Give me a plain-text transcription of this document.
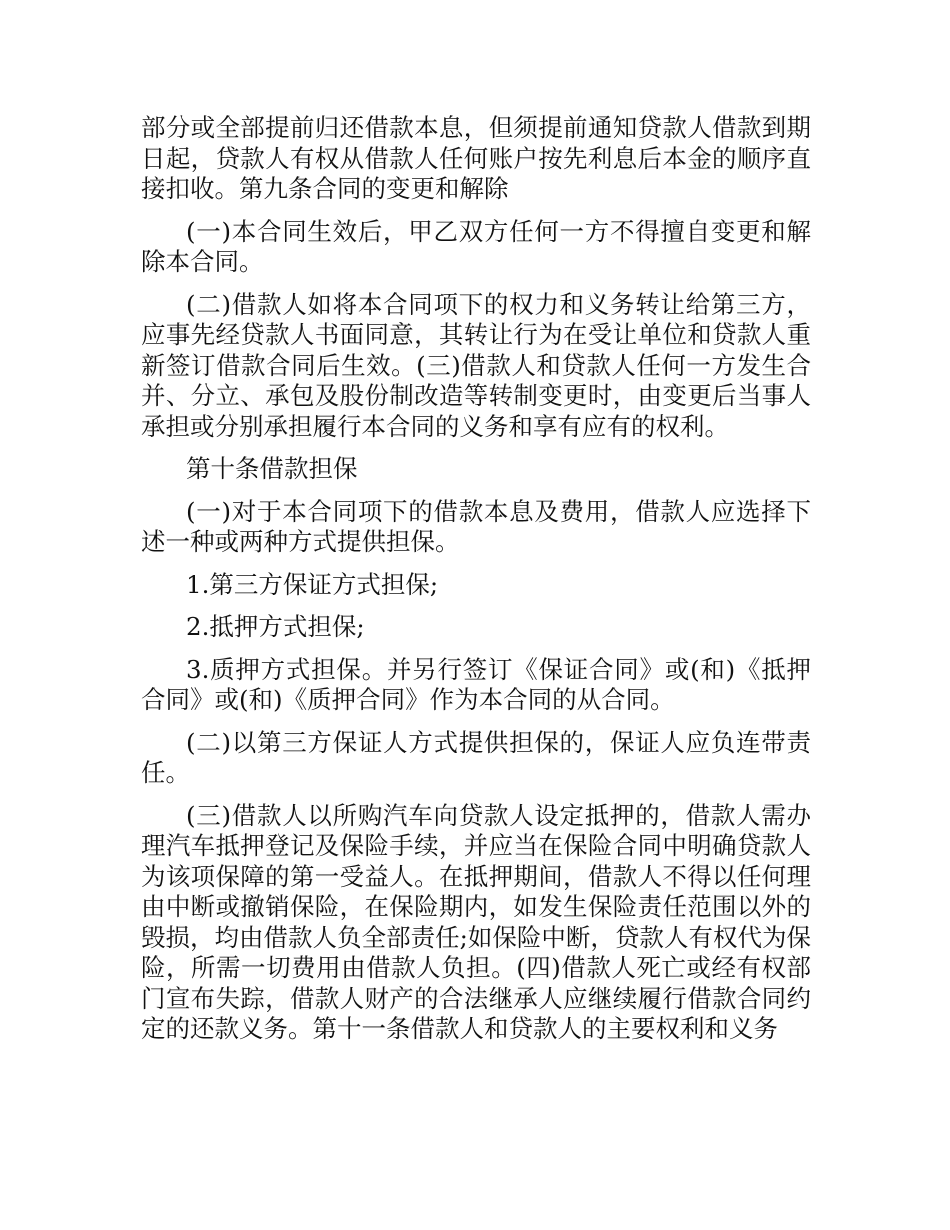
部分或全部提前归还借款本息，但须提前通知贷款人借款到期日起，贷款人有权从借款人任何账户按先利息后本金的顺序直接扣收。第九条合同的变更和解除

(一)本合同生效后，甲乙双方任何一方不得擅自变更和解除本合同。

(二)借款人如将本合同项下的权力和义务转让给第三方，应事先经贷款人书面同意，其转让行为在受让单位和贷款人重新签订借款合同后生效。(三)借款人和贷款人任何一方发生合并、分立、承包及股份制改造等转制变更时，由变更后当事人承担或分别承担履行本合同的义务和享有应有的权利。

第十条借款担保

(一)对于本合同项下的借款本息及费用，借款人应选择下述一种或两种方式提供担保。

1.第三方保证方式担保;

2.抵押方式担保;

3.质押方式担保。并另行签订《保证合同》或(和)《抵押合同》或(和)《质押合同》作为本合同的从合同。

(二)以第三方保证人方式提供担保的，保证人应负连带责任。

(三)借款人以所购汽车向贷款人设定抵押的，借款人需办理汽车抵押登记及保险手续，并应当在保险合同中明确贷款人为该项保障的第一受益人。在抵押期间，借款人不得以任何理由中断或撤销保险，在保险期内，如发生保险责任范围以外的毁损，均由借款人负全部责任;如保险中断，贷款人有权代为保险，所需一切费用由借款人负担。(四)借款人死亡或经有权部门宣布失踪，借款人财产的合法继承人应继续履行借款合同约定的还款义务。第十一条借款人和贷款人的主要权利和义务
